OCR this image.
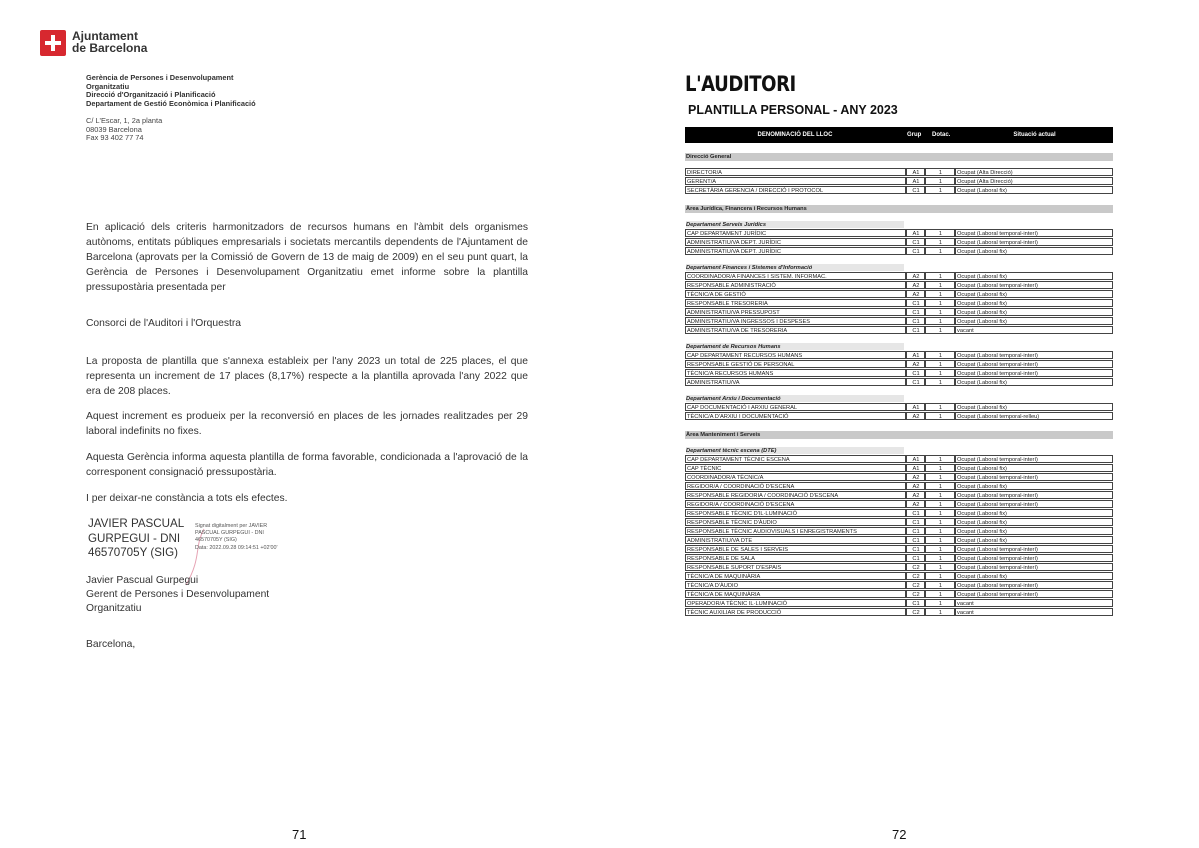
Ajuntament
de Barcelona
Gerència de Persones i Desenvolupament
Organitzatiu
Direcció d'Organització i Planificació
Departament de Gestió Econòmica i Planificació
C/ L'Escar, 1, 2a planta
08039 Barcelona
Fax 93 402 77 74

En aplicació dels criteris harmonitzadors de recursos humans en l'àmbit dels organismes autònoms, entitats públiques empresarials i societats mercantils dependents de l'Ajuntament de Barcelona (aprovats per la Comissió de Govern de 13 de maig de 2009) en el seu punt quart, la Gerència de Persones i Desenvolupament Organitzatiu emet informe sobre la plantilla pressupostària presentada per

Consorci de l'Auditori i l'Orquestra

La proposta de plantilla que s'annexa estableix per l'any 2023 un total de 225 places, el que representa un increment de 17 places (8,17%) respecte a la plantilla aprovada l'any 2022 que era de 208 places.

Aquest increment es produeix per la reconversió en places de les jornades realitzades per 29 laboral indefinits no fixes.

Aquesta Gerència informa aquesta plantilla de forma favorable, condicionada a l'aprovació de la corresponent consignació pressupostària.

I per deixar-ne constància a tots els efectes.

JAVIER PASCUAL
GURPEGUI - DNI
46570705Y (SIG)
Signat digitalment per JAVIER
PASCUAL GURPEGUI - DNI
46570705Y (SIG)
Data: 2022.09.28 09:14:51 +02'00'
Javier Pascual Gurpegui
Gerent de Persones i Desenvolupament
Organitzatiu
Barcelona,
71
L'AUDITORI
PLANTILLA PERSONAL - ANY 2023
DENOMINACIÓ DEL LLOC	Grup Dotac.	Situació actual
Direcció General
DIRECTOR/A	A1	1	Ocupat (Alta Direcció)
GERENT/A	A1	1	Ocupat (Alta Direcció)
SECRETÀRIA GERENCIA / DIRECCIÓ I PROTOCOL	C1	1	Ocupat (Laboral fix)
Àrea Jurídica, Financera i Recursos Humans
Departament Serveis Jurídics
CAP DEPARTAMENT JURÍDIC	A1	1	Ocupat (Laboral temporal-interí)
ADMINISTRATIU/VA DEPT. JURÍDIC	C1	1	Ocupat (Laboral temporal-interí)
ADMINISTRATIU/VA DEPT. JURÍDIC	C1	1	Ocupat (Laboral fix)
Departament Finances i Sistemes d'Informació
COORDINADOR/A FINANCES I SISTEM. INFORMAC.	A2	1	Ocupat (Laboral fix)
RESPONSABLE ADMINISTRACIÓ	A2	1	Ocupat (Laboral temporal-interí)
TÈCNIC/A DE GESTIÓ	A2	1	Ocupat (Laboral fix)
RESPONSABLE TRESORERIA	C1	1	Ocupat (Laboral fix)
ADMINISTRATIU/VA PRESSUPOST	C1	1	Ocupat (Laboral fix)
ADMINISTRATIU/VA INGRESSOS I DESPESES	C1	1	Ocupat (Laboral fix)
ADMINISTRATIU/VA DE TRESORERIA	C1	1	vacant
Departament de Recursos Humans
CAP DEPARTAMENT RECURSOS HUMANS	A1	1	Ocupat (Laboral temporal-interí)
RESPONSABLE GESTIÓ DE PERSONAL	A2	1	Ocupat (Laboral temporal-interí)
TÈCNIC/A RECURSOS HUMANS	C1	1	Ocupat (Laboral temporal-interí)
ADMINISTRATIU/VA	C1	1	Ocupat (Laboral fix)
Departament Arxiu i Documentació
CAP DOCUMENTACIÓ I ARXIU GENERAL	A1	1	Ocupat (Laboral fix)
TÈCNIC/A D'ARXIU I DOCUMENTACIÓ	A2	1	Ocupat (Laboral temporal-relleu)
Àrea Manteniment i Serveis
Departament tècnic escena (DTE)
CAP DEPARTAMENT TÈCNIC ESCENA	A1	1	Ocupat (Laboral temporal-interí)
CAP TÈCNIC	A1	1	Ocupat (Laboral fix)
COORDINADOR/A TÈCNIC/A	A2	1	Ocupat (Laboral temporal-interí)
REGIDOR/A / COORDINACIÓ D'ESCENA	A2	1	Ocupat (Laboral fix)
RESPONSABLE REGIDORIA / COORDINACIÓ D'ESCENA	A2	1	Ocupat (Laboral temporal-interí)
REGIDOR/A / COORDINACIÓ D'ESCENA	A2	1	Ocupat (Laboral temporal-interí)
RESPONSABLE TÈCNIC D'IL·LUMINACIÓ	C1	1	Ocupat (Laboral fix)
RESPONSABLE TÈCNIC D'ÀUDIO	C1	1	Ocupat (Laboral fix)
RESPONSABLE TÈCNIC AUDIOVISUALS I ENREGISTRAMENTS	C1	1	Ocupat (Laboral fix)
ADMINISTRATIU/VA DTE	C1	1	Ocupat (Laboral fix)
RESPONSABLE DE SALES I SERVEIS	C1	1	Ocupat (Laboral temporal-interí)
RESPONSABLE DE SALA	C1	1	Ocupat (Laboral temporal-interí)
RESPONSABLE SUPORT D'ESPAIS	C2	1	Ocupat (Laboral temporal-interí)
TÈCNIC/A DE MAQUINÀRIA	C2	1	Ocupat (Laboral fix)
TÈCNIC/A D'ÀUDIO	C2	1	Ocupat (Laboral temporal-interí)
TÈCNIC/A DE MAQUINÀRIA	C2	1	Ocupat (Laboral temporal-interí)
OPERADOR/A TÈCNIC IL·LUMINACIÓ	C1	1	vacant
TÈCNIC AUXILIAR DE PRODUCCIÓ	C2	1	vacant
72
